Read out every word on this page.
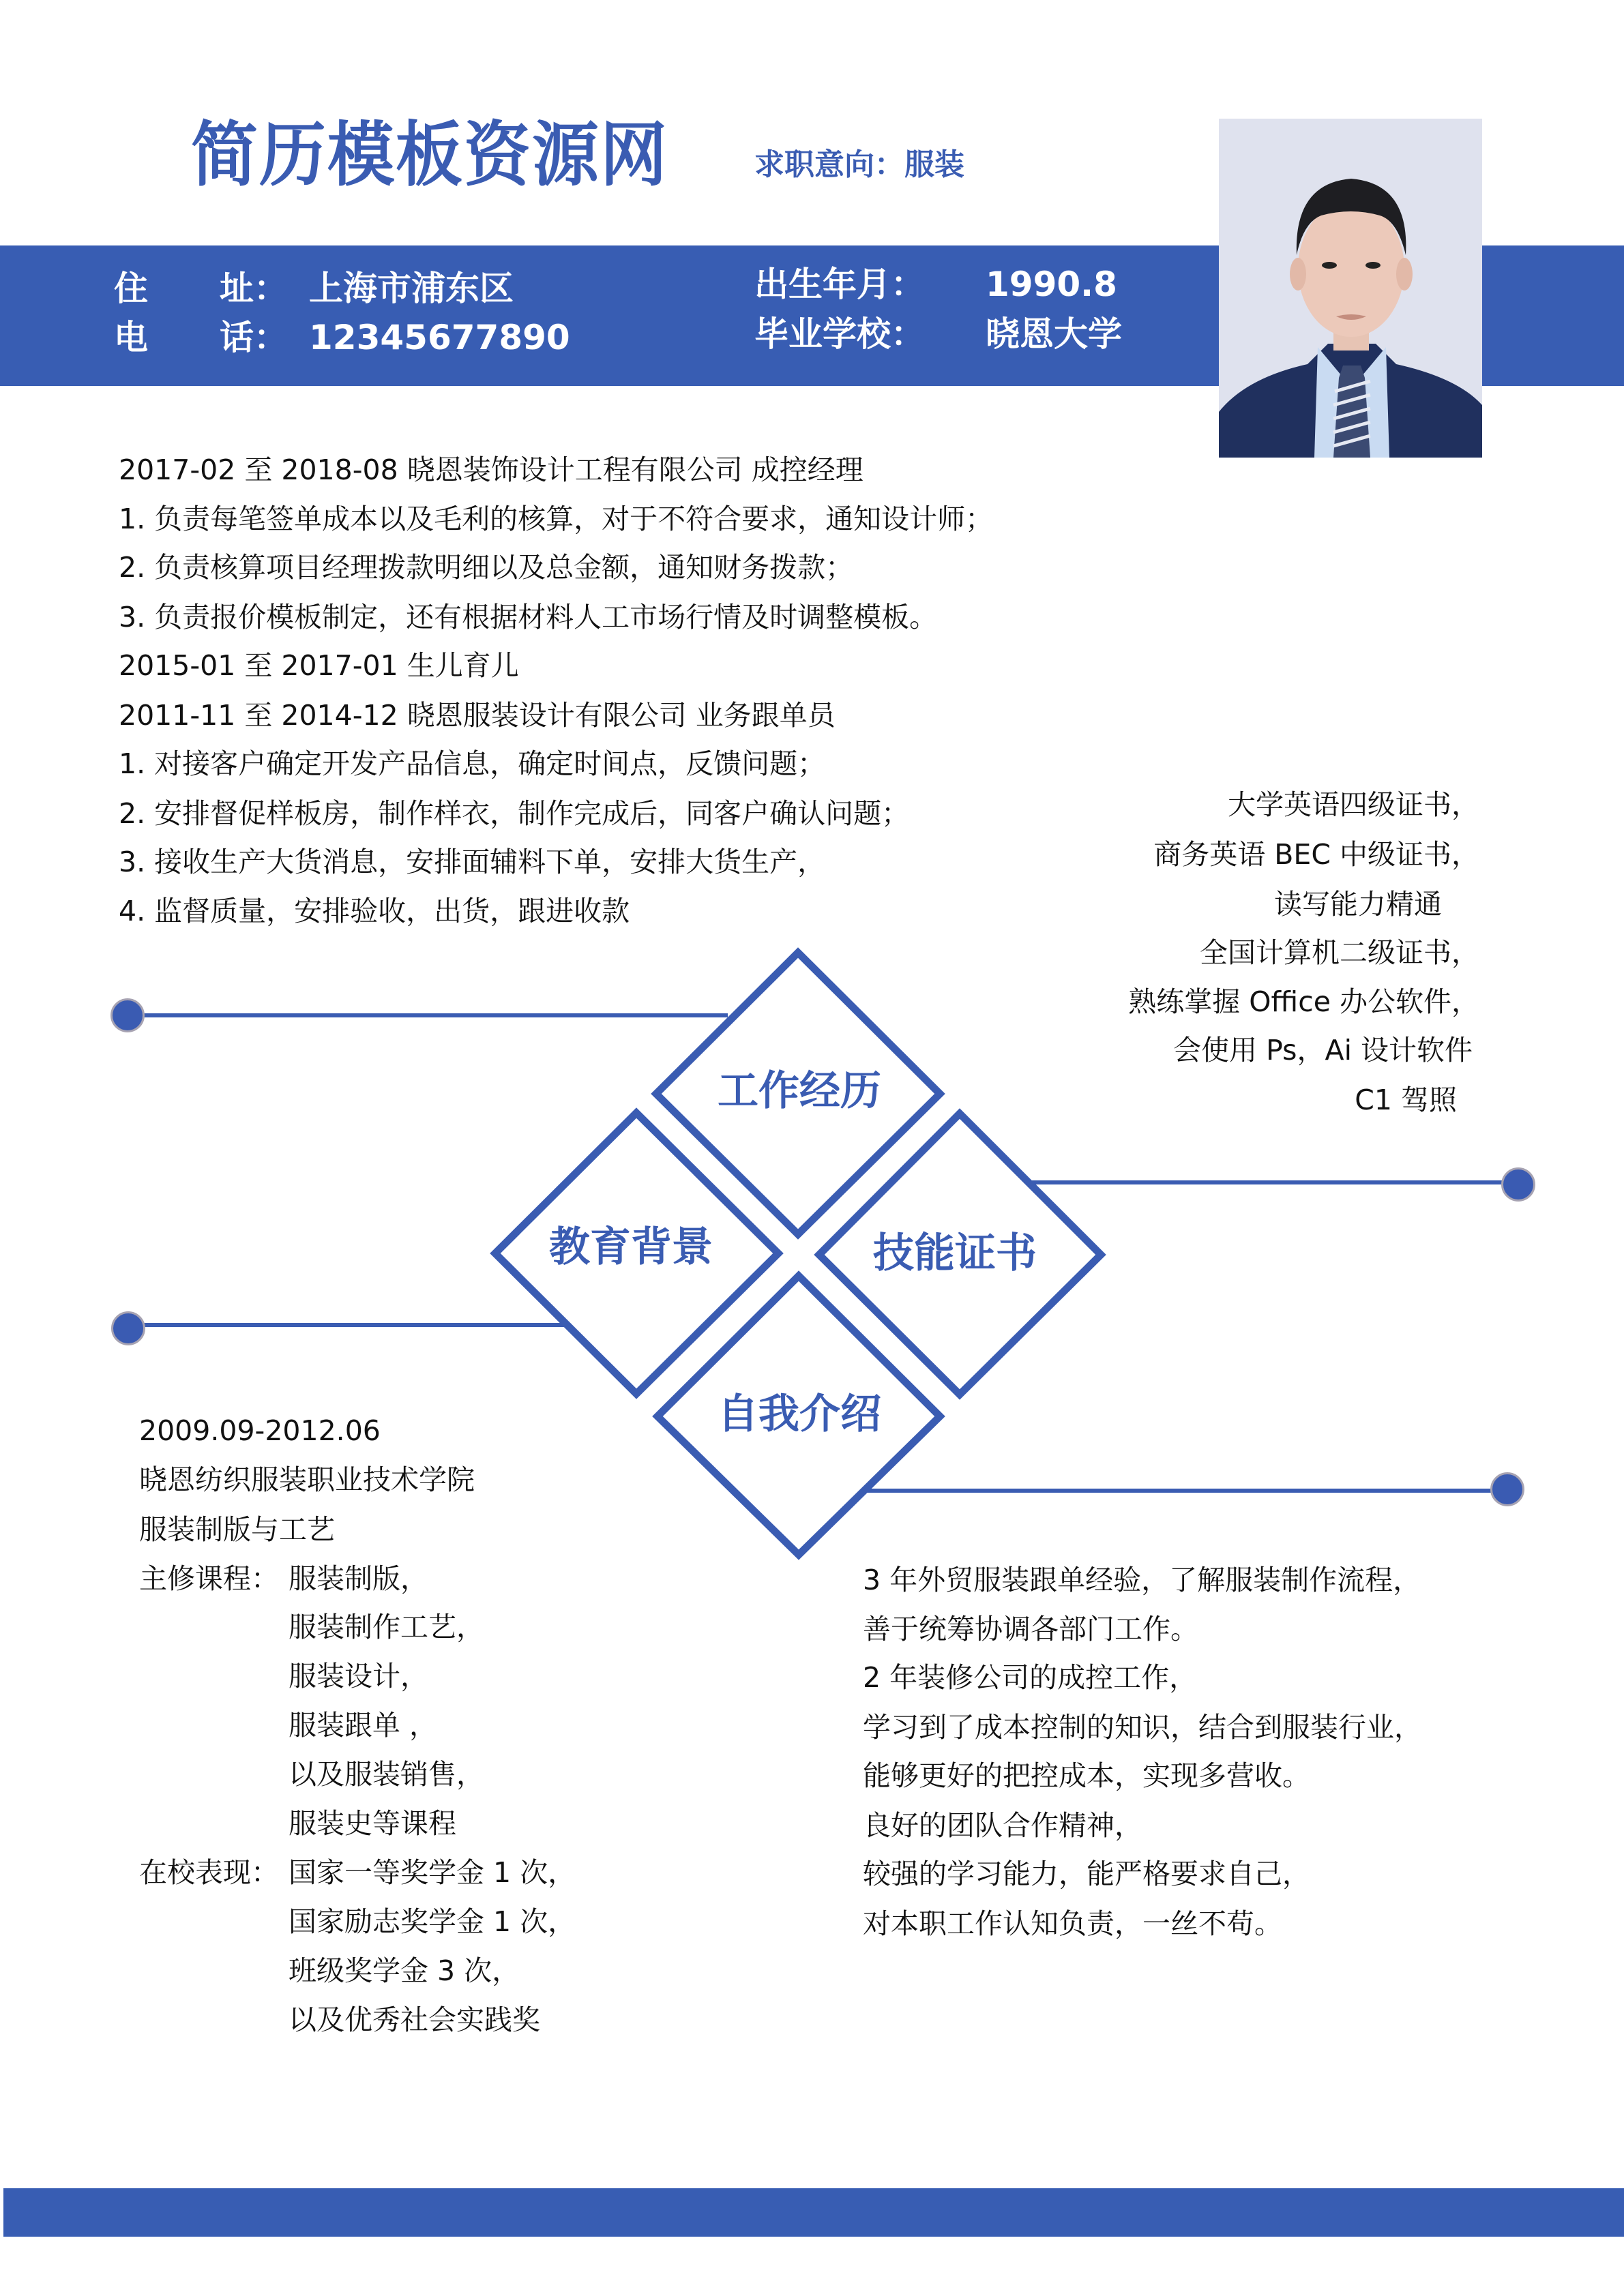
简历模板资源网	求职意向：服装
住 址： 上海市浦东区
电 话： 12345677890
出生年月： 1990.8
毕业学校： 晓恩大学
2017-02 至 2018-08 晓恩装饰设计工程有限公司 成控经理
1. 负责每笔签单成本以及毛利的核算，对于不符合要求，通知设计师；
2. 负责核算项目经理拨款明细以及总金额，通知财务拨款；
3. 负责报价模板制定，还有根据材料人工市场行情及时调整模板。
2015-01 至 2017-01 生儿育儿
2011-11 至 2014-12 晓恩服装设计有限公司 业务跟单员
1. 对接客户确定开发产品信息，确定时间点，反馈问题；
2. 安排督促样板房，制作样衣，制作完成后，同客户确认问题；
3. 接收生产大货消息，安排面辅料下单，安排大货生产，
4. 监督质量，安排验收，出货，跟进收款
大学英语四级证书，
商务英语 BEC 中级证书，
读写能力精通
全国计算机二级证书，
熟练掌握 Office 办公软件，
会使用 Ps，Ai 设计软件
C1 驾照
工作经历
教育背景	技能证书
自我介绍
2009.09-2012.06
晓恩纺织服装职业技术学院
服装制版与工艺
主修课程： 服装制版，
服装制作工艺，
服装设计，
服装跟单 ，
以及服装销售，
服装史等课程
在校表现： 国家一等奖学金 1 次，
国家励志奖学金 1 次，
班级奖学金 3 次，
以及优秀社会实践奖
3 年外贸服装跟单经验，了解服装制作流程，
善于统筹协调各部门工作。
2 年装修公司的成控工作，
学习到了成本控制的知识，结合到服装行业，
能够更好的把控成本，实现多营收。
良好的团队合作精神，
较强的学习能力，能严格要求自己，
对本职工作认知负责，一丝不苟。
